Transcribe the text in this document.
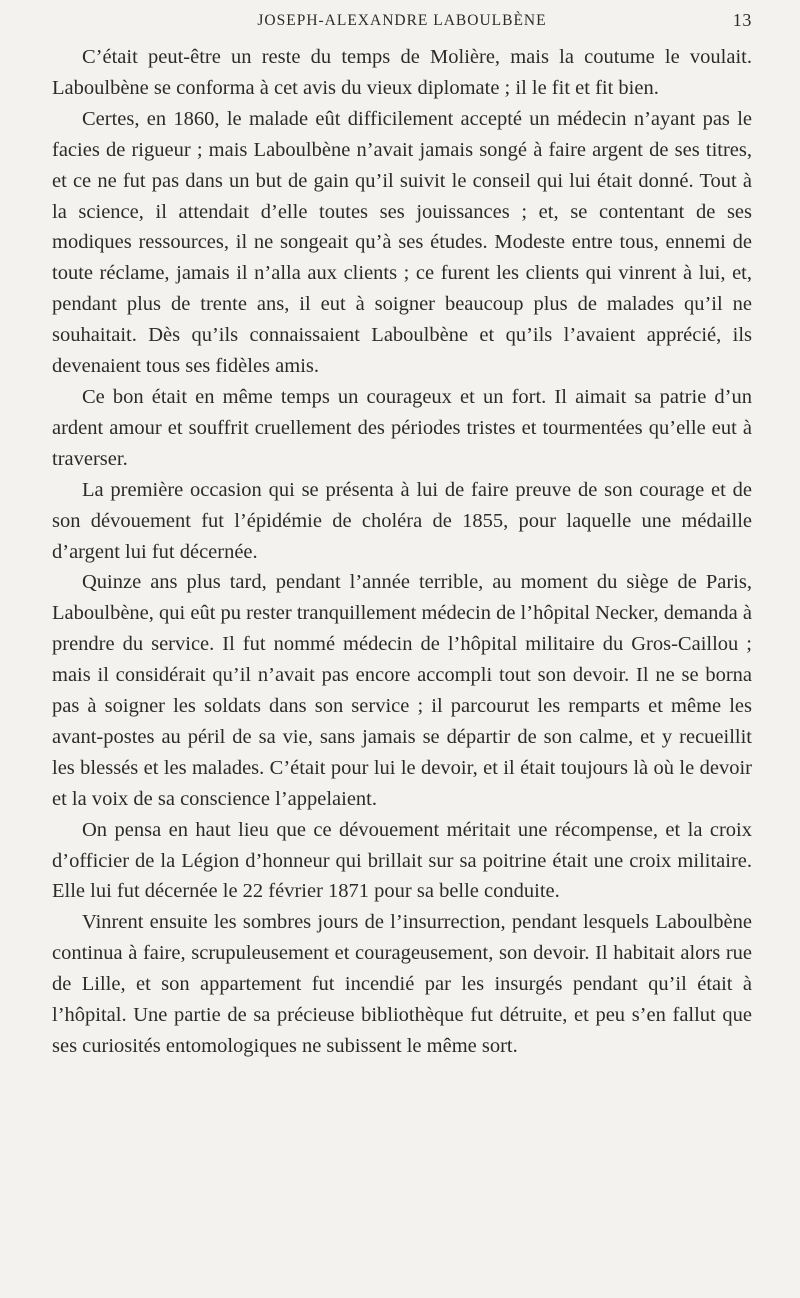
JOSEPH-ALEXANDRE LABOULBÈNE	13

C’était peut-être un reste du temps de Molière, mais la coutume le voulait. Laboulbène se conforma à cet avis du vieux diplomate ; il le fit et fit bien.

Certes, en 1860, le malade eût difficilement accepté un médecin n’ayant pas le facies de rigueur ; mais Laboulbène n’avait jamais songé à faire argent de ses titres, et ce ne fut pas dans un but de gain qu’il suivit le conseil qui lui était donné. Tout à la science, il attendait d’elle toutes ses jouissances ; et, se contentant de ses modiques ressources, il ne songeait qu’à ses études. Modeste entre tous, ennemi de toute réclame, jamais il n’alla aux clients ; ce furent les clients qui vinrent à lui, et, pendant plus de trente ans, il eut à soigner beaucoup plus de malades qu’il ne souhaitait. Dès qu’ils connaissaient Laboulbène et qu’ils l’avaient apprécié, ils devenaient tous ses fidèles amis.

Ce bon était en même temps un courageux et un fort. Il aimait sa patrie d’un ardent amour et souffrit cruellement des périodes tristes et tourmentées qu’elle eut à traverser.

La première occasion qui se présenta à lui de faire preuve de son courage et de son dévouement fut l’épidémie de choléra de 1855, pour laquelle une médaille d’argent lui fut décernée.

Quinze ans plus tard, pendant l’année terrible, au moment du siège de Paris, Laboulbène, qui eût pu rester tranquillement médecin de l’hôpital Necker, demanda à prendre du service. Il fut nommé médecin de l’hôpital militaire du Gros-Caillou ; mais il considérait qu’il n’avait pas encore accompli tout son devoir. Il ne se borna pas à soigner les soldats dans son service ; il parcourut les remparts et même les avant-postes au péril de sa vie, sans jamais se départir de son calme, et y recueillit les blessés et les malades. C’était pour lui le devoir, et il était toujours là où le devoir et la voix de sa conscience l’appelaient.

On pensa en haut lieu que ce dévouement méritait une récompense, et la croix d’officier de la Légion d’honneur qui brillait sur sa poitrine était une croix militaire. Elle lui fut décernée le 22 février 1871 pour sa belle conduite.

Vinrent ensuite les sombres jours de l’insurrection, pendant lesquels Laboulbène continua à faire, scrupuleusement et courageusement, son devoir. Il habitait alors rue de Lille, et son appartement fut incendié par les insurgés pendant qu’il était à l’hôpital. Une partie de sa précieuse bibliothèque fut détruite, et peu s’en fallut que ses curiosités entomologiques ne subissent le même sort.
